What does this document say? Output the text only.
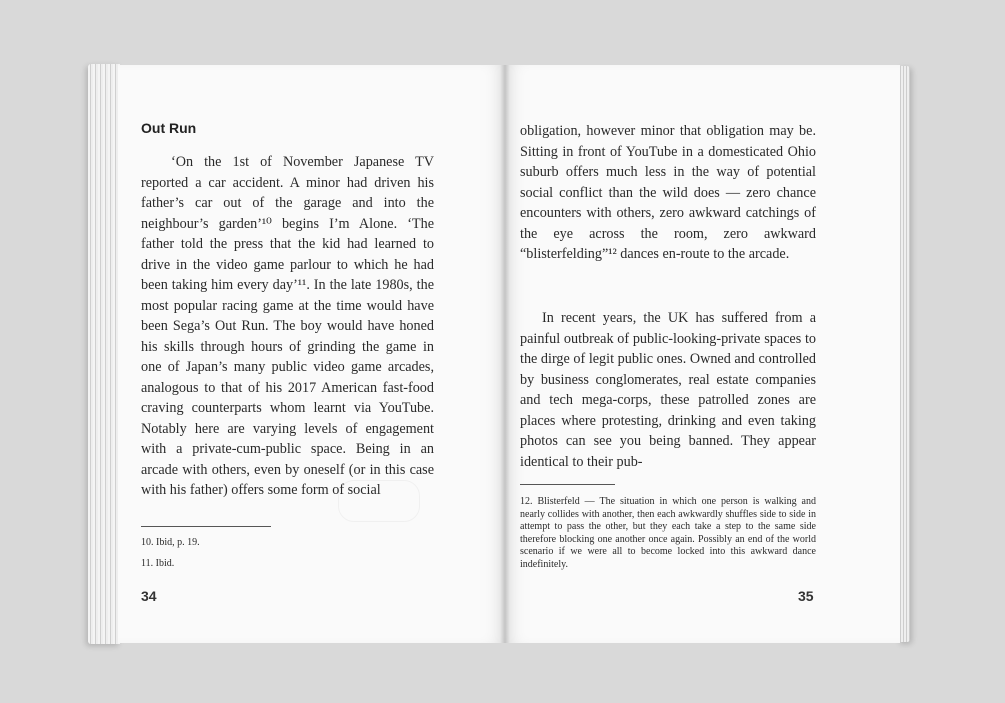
Out Run

‘On the 1st of November Japanese TV reported a car accident. A minor had driven his father’s car out of the garage and into the neighbour’s garden’¹⁰ begins I’m Alone. ‘The father told the press that the kid had learned to drive in the video game parlour to which he had been taking him every day’¹¹. In the late 1980s, the most popular racing game at the time would have been Sega’s Out Run. The boy would have honed his skills through hours of grinding the game in one of Japan’s many public video game arcades, analogous to that of his 2017 American fast-food craving counterparts whom learnt via YouTube. Notably here are varying levels of engagement with a private-cum-public space. Being in an arcade with others, even by oneself (or in this case with his father) offers some form of social

10. Ibid, p. 19.

11. Ibid.

34

obligation, however minor that obligation may be. Sitting in front of YouTube in a domesticated Ohio suburb offers much less in the way of potential social conflict than the wild does — zero chance encounters with others, zero awkward catchings of the eye across the room, zero awkward “blisterfelding”¹² dances en-route to the arcade.

In recent years, the UK has suffered from a painful outbreak of public-looking-private spaces to the dirge of legit public ones. Owned and controlled by business conglomerates, real estate companies and tech mega-corps, these patrolled zones are places where protesting, drinking and even taking photos can see you being banned. They appear identical to their pub-

12. Blisterfeld — The situation in which one person is walking and nearly collides with another, then each awkwardly shuffles side to side in attempt to pass the other, but they each take a step to the same side therefore blocking one another once again. Possibly an end of the world scenario if we were all to become locked into this awkward dance indefinitely.

35
